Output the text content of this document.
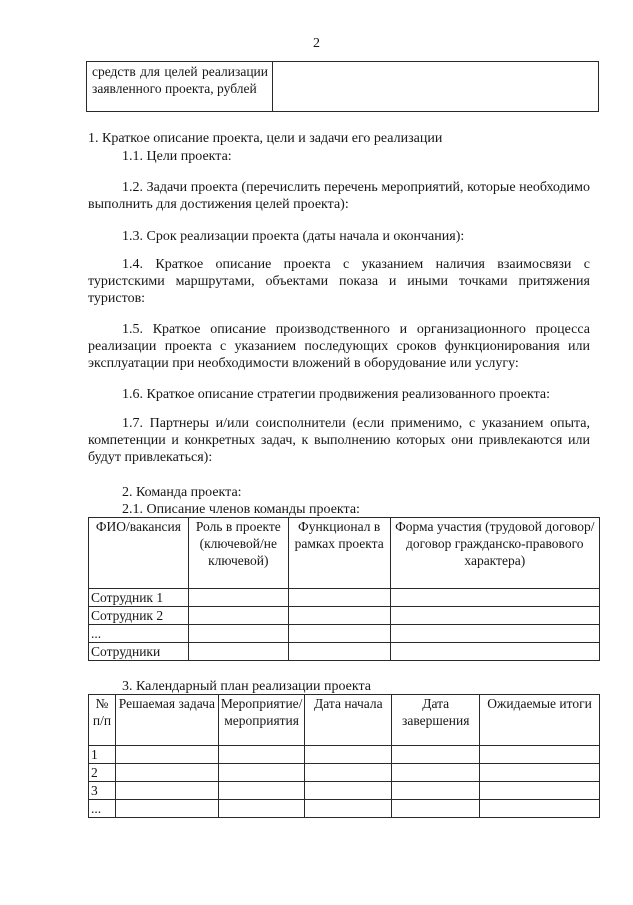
2
средств для целей реализации заявленного проекта, рублей	
1. Краткое описание проекта, цели и задачи его реализации
1.1. Цели проекта:
1.2. Задачи проекта (перечислить перечень мероприятий, которые необходимо выполнить для достижения целей проекта):
1.3. Срок реализации проекта (даты начала и окончания):
1.4. Краткое описание проекта с указанием наличия взаимосвязи с туристскими маршрутами, объектами показа и иными точками притяжения туристов:
1.5. Краткое описание производственного и организационного процесса реализации проекта с указанием последующих сроков функционирования или эксплуатации при необходимости вложений в оборудование или услугу:
1.6. Краткое описание стратегии продвижения реализованного проекта:
1.7. Партнеры и/или соисполнители (если применимо, с указанием опыта, компетенции и конкретных задач, к выполнению которых они привлекаются или будут привлекаться):
2. Команда проекта:
2.1. Описание членов команды проекта:
ФИО/вакансия	Роль в проекте (ключевой/не ключевой)	Функционал в рамках проекта	Форма участия (трудовой договор/договор гражданско-правового характера)
Сотрудник 1			
Сотрудник 2			
...			
Сотрудники			
3. Календарный план реализации проекта
№ п/п	Решаемая задача	Мероприятие/мероприятия	Дата начала	Дата завершения	Ожидаемые итоги
1					
2					
3					
...					
